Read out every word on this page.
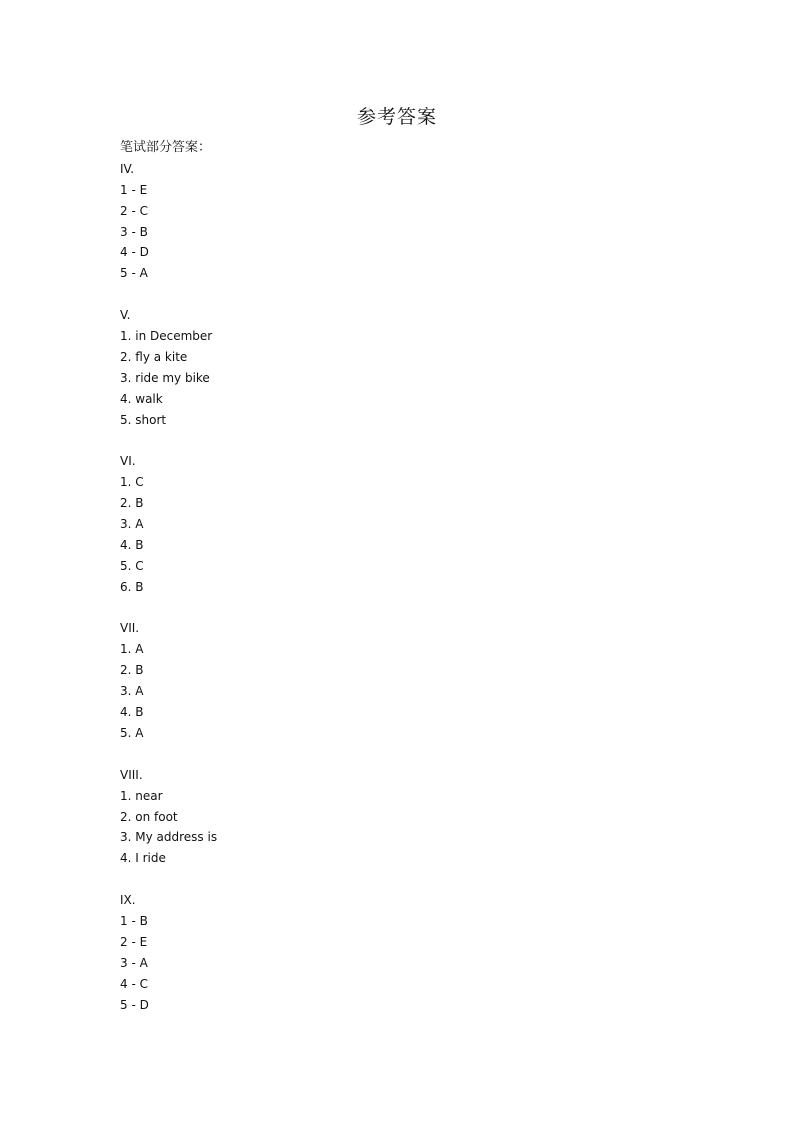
参考答案
笔试部分答案：
IV.
1 - E
2 - C
3 - B
4 - D
5 - A
V.
1. in December
2. fly a kite
3. ride my bike
4. walk
5. short
VI.
1. C
2. B
3. A
4. B
5. C
6. B
VII.
1. A
2. B
3. A
4. B
5. A
VIII.
1. near
2. on foot
3. My address is
4. I ride
IX.
1 - B
2 - E
3 - A
4 - C
5 - D
